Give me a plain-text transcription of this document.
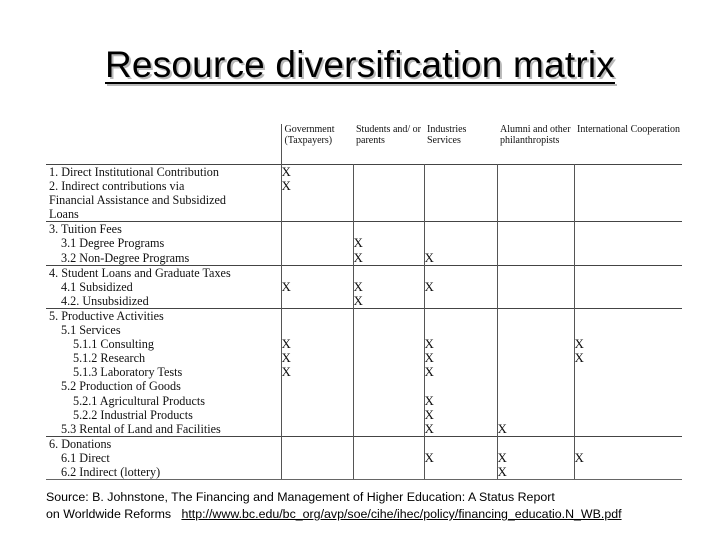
Resource diversification matrix
	Government (Taxpayers)	Students and/ or parents	Industries Services	Alumni and other philanthropists	International Cooperation
1. Direct Institutional Contribution	X				
2. Indirect contributions via	X				
Financial Assistance and Subsidized					
Loans					
3. Tuition Fees					
3.1 Degree Programs		X			
3.2 Non-Degree Programs		X	X		
4. Student Loans and Graduate Taxes					
4.1 Subsidized	X	X	X		
4.2. Unsubsidized		X			
5. Productive Activities					
5.1 Services					
5.1.1 Consulting	X		X		X
5.1.2 Research	X		X		X
5.1.3 Laboratory Tests	X		X		
5.2 Production of Goods					
5.2.1 Agricultural Products			X		
5.2.2 Industrial Products			X		
5.3 Rental of Land and Facilities			X	X	
6. Donations					
6.1 Direct			X	X	X
6.2 Indirect (lottery)				X	
Source: B. Johnstone, The Financing and Management of Higher Education: A Status Report
on Worldwide Reforms http://www.bc.edu/bc_org/avp/soe/cihe/ihec/policy/financing_educatio.N_WB.pdf
